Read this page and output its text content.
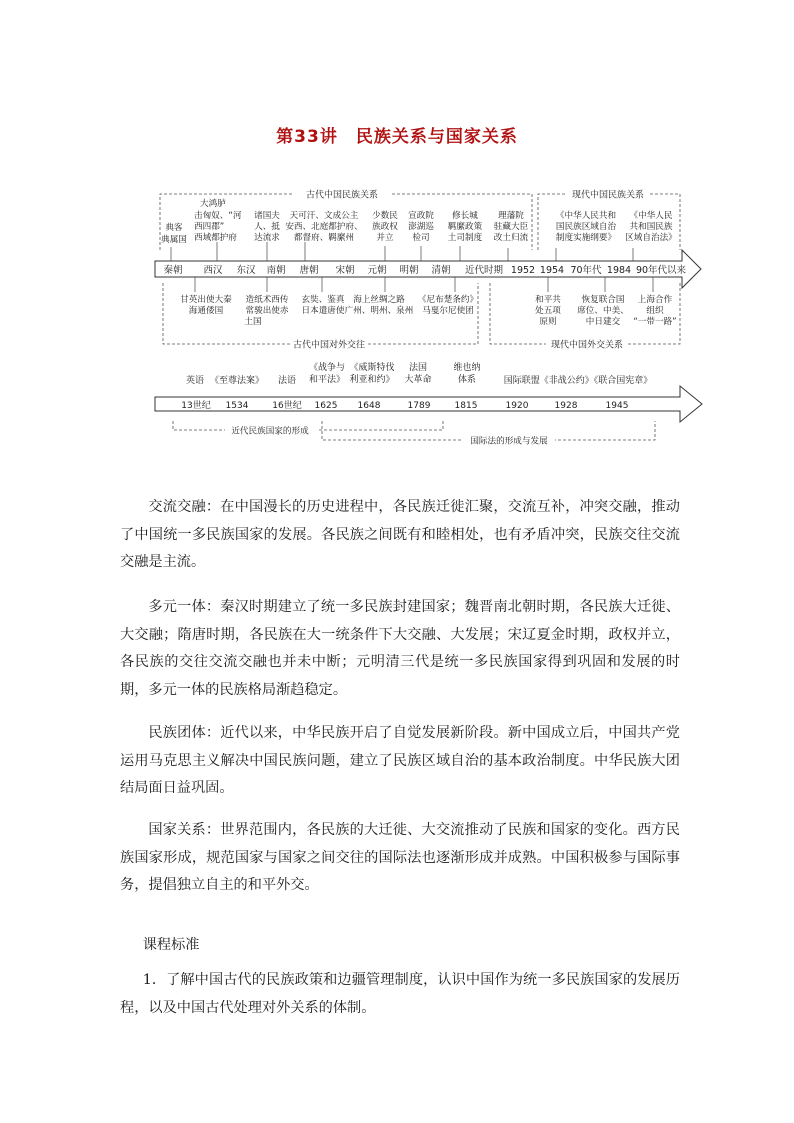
第33讲　民族关系与国家关系
古代中国民族关系	现代中国民族关系
古代中国对外交往	现代中国外交关系
秦朝 西汉 东汉 南朝 唐朝 宋朝 元朝 明朝 清朝 近代时期 1952 1954 70年代 1984 90年代以来
典客
典属国
大鸿胪
击匈奴、“河
西四郡”
西域都护府
诸国夫
人、抵
达流求
天可汗、文成公主
安西、北庭都护府、
都督府、羁縻州
少数民
族政权
并立
宣政院
澎湖巡
检司
修长城
羁縻政策
土司制度
理藩院
驻藏大臣
改土归流
《中华人民共和
国民族区域自治
制度实施纲要》
《中华人民
共和国民族
区域自治法》
甘英出使大秦
海通倭国
造纸术西传
常骏出使赤
土国
玄奘、鉴真
日本遣唐使
海上丝绸之路
广州、明州、泉州
《尼布楚条约》
马戛尔尼使团
和平共
处五项
原则
恢复联合国
席位、中美、
中日建交
上海合作
组织
“一带一路”
英语 《至尊法案》 法语
《战争与
和平法》
《威斯特伐
利亚和约》
法国
大革命
维也纳
体系	国际联盟《非战公约》《联合国宪章》
13世纪 1534	16世纪 1625 1648	1789	1815	1920	1928	1945
近代民族国家的形成
国际法的形成与发展

交流交融：在中国漫长的历史进程中，各民族迁徙汇聚，交流互补，冲突交融，推动了中国统一多民族国家的发展。各民族之间既有和睦相处，也有矛盾冲突，民族交往交流交融是主流。

多元一体：秦汉时期建立了统一多民族封建国家；魏晋南北朝时期，各民族大迁徙、大交融；隋唐时期，各民族在大一统条件下大交融、大发展；宋辽夏金时期，政权并立，各民族的交往交流交融也并未中断；元明清三代是统一多民族国家得到巩固和发展的时期，多元一体的民族格局渐趋稳定。

民族团体：近代以来，中华民族开启了自觉发展新阶段。新中国成立后，中国共产党运用马克思主义解决中国民族问题，建立了民族区域自治的基本政治制度。中华民族大团结局面日益巩固。

国家关系：世界范围内，各民族的大迁徙、大交流推动了民族和国家的变化。西方民族国家形成，规范国家与国家之间交往的国际法也逐渐形成并成熟。中国积极参与国际事务，提倡独立自主的和平外交。

课程标准

1．了解中国古代的民族政策和边疆管理制度，认识中国作为统一多民族国家的发展历程，以及中国古代处理对外关系的体制。
